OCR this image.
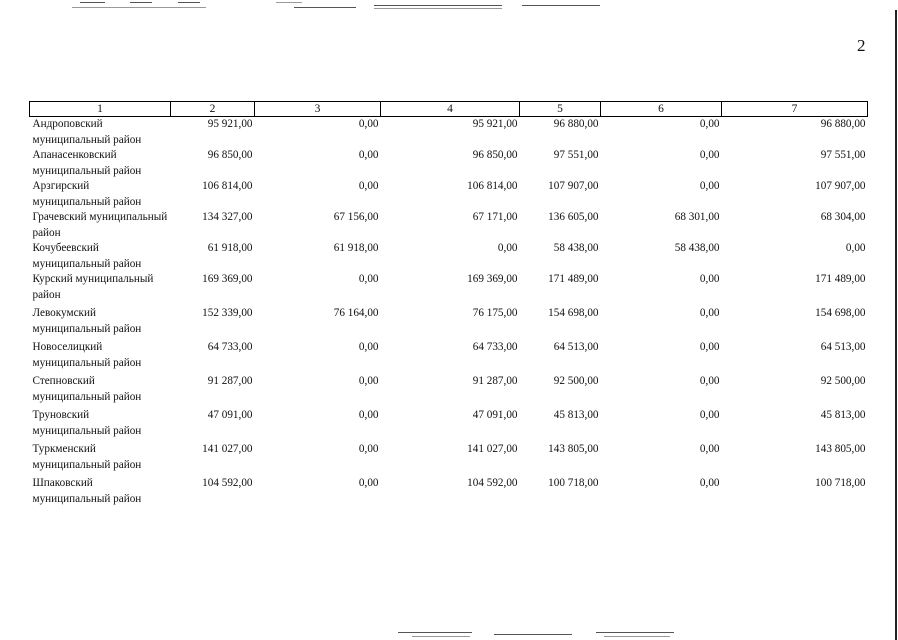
2
1	2	3	4	5	6	7
Андроповский муниципальный район	95 921,00	0,00	95 921,00	96 880,00	0,00	96 880,00
Апанасенковский муниципальный район	96 850,00	0,00	96 850,00	97 551,00	0,00	97 551,00
Арзгирский муниципальный район	106 814,00	0,00	106 814,00	107 907,00	0,00	107 907,00
Грачевский муниципальный район	134 327,00	67 156,00	67 171,00	136 605,00	68 301,00	68 304,00
Кочубеевский муниципальный район	61 918,00	61 918,00	0,00	58 438,00	58 438,00	0,00
Курский муниципальный район	169 369,00	0,00	169 369,00	171 489,00	0,00	171 489,00
Левокумский муниципальный район	152 339,00	76 164,00	76 175,00	154 698,00	0,00	154 698,00
Новоселицкий муниципальный район	64 733,00	0,00	64 733,00	64 513,00	0,00	64 513,00
Степновский муниципальный район	91 287,00	0,00	91 287,00	92 500,00	0,00	92 500,00
Труновский муниципальный район	47 091,00	0,00	47 091,00	45 813,00	0,00	45 813,00
Туркменский муниципальный район	141 027,00	0,00	141 027,00	143 805,00	0,00	143 805,00
Шпаковский муниципальный район	104 592,00	0,00	104 592,00	100 718,00	0,00	100 718,00
